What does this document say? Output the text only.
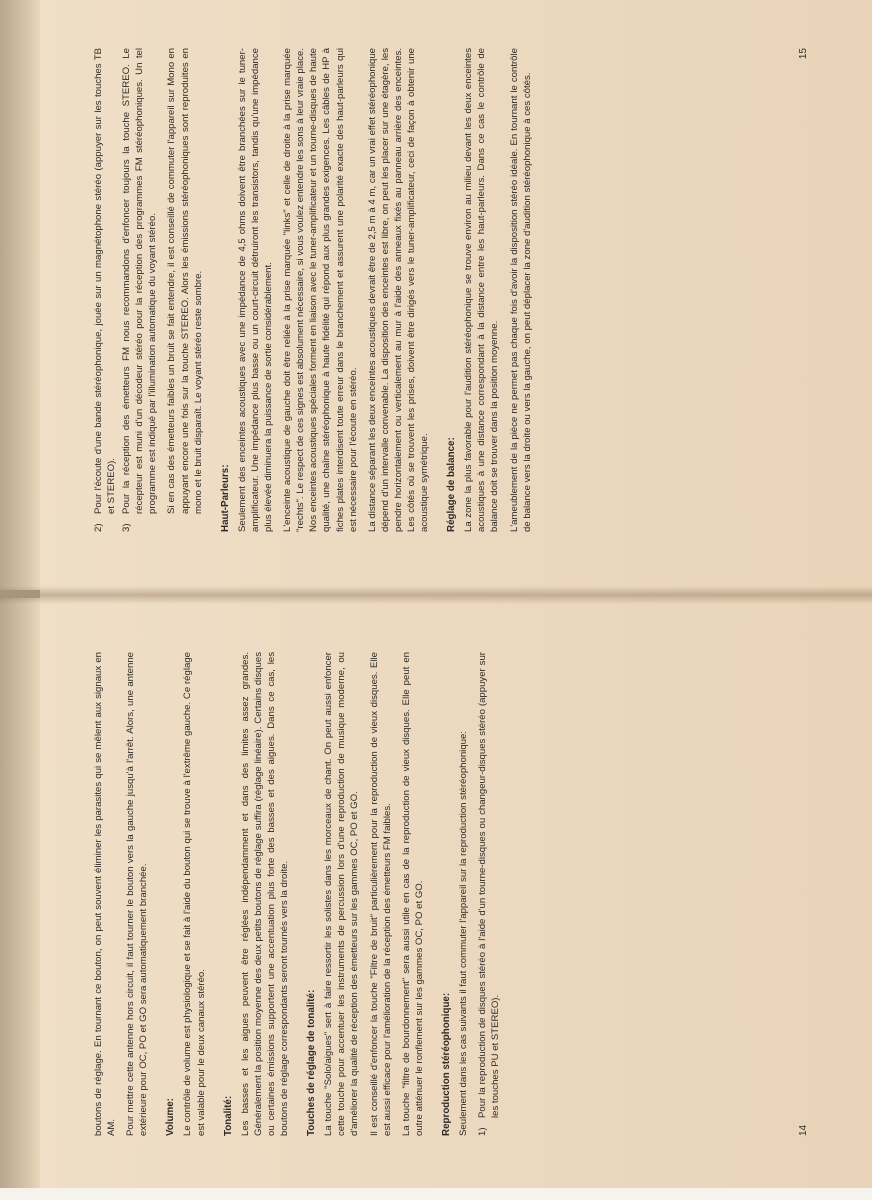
boutons de réglage. En tournant ce bouton, on peut souvent éliminer les parasites qui se mêlent aux signaux en AM. Pour mettre cette antenne hors circuit, il faut tourner le bouton vers la gauche jusqu'à l'arrêt. Alors, une antenne extérieure pour OC, PO et GO sera automatiquement branchée. Volume: Le contrôle de volume est physiologique et se fait à l'aide du bouton qui se trouve à l'extrême gauche. Ce réglage est valable pour le deux canaux stéréo. Tonalité: Les basses et les aigues peuvent être réglées indépendamment et dans des limites assez grandes. Généralement la position moyenne des deux petits boutons de réglage suffira (réglage linéaire). Certains disques ou certaines émissions supportent une accentuation plus forte des basses et des aigues. Dans ce cas, les boutons de réglage correspondants seront tournés vers la droite. Touches de réglage de tonalité: La touche "Solo/aigues" sert à faire ressortir les solistes dans les morceaux de chant. On peut aussi enfoncer cette touche pour accentuer les instruments de percussion lors d'une reproduction de musique moderne, ou d'améliorer la qualité de réception des émetteurs sur les gammes OC, PO et GO. Il est conseillé d'enfoncer la touche "Filtre de bruit" particulièrement pour la reproduction de vieux disques. Elle est aussi efficace pour l'amélioration de la réception des émetteurs FM faibles. La touche "filtre de bourdonnement" sera aussi utile en cas de la reproduction de vieux disques. Elle peut en outre atténuer le ronflement sur les gammes OC, PO et GO. Reproduction stéréophonique: Seulement dans les cas suivants il faut commuter l'appareil sur la reproduction stéréophonique: 1)
Pour la reproduction de disques stéréo à l'aide d'un tourne-disques ou changeur-disques stéréo (appuyer sur les touches PU et STEREO).
14
2)
Pour l'écoute d'une bande stéréophonique, jouée sur un magnétophone stéréo (appuyer sur les touches TB et STEREO).
3)
Pour la réception des émetteurs FM nous recommandons d'enfoncer toujours la touche STEREO. Le récepteur est muni d'un décodeur stéréo pour la réception des programmes FM stéréophoniques. Un tel programme est indiqué par l'illumination automatique du voyant stéréo. Si en cas des émetteurs faibles un bruit se fait entendre, il est conseillé de commuter l'appareil sur Mono en appuyant encore une fois sur la touche STEREO. Alors les émissions stéréophoniques sont reproduites en mono et le bruit disparaît. Le voyant stéréo reste sombre. Haut-Parleurs: Seulement des enceintes acoustiques avec une impédance de 4,5 ohms doivent être branchées sur le tuner-amplificateur. Une impédance plus basse ou un court-circuit détruiront les transistors, tandis qu'une impédance plus élevée diminuera la puissance de sortie considérablement. L'enceinte acoustique de gauche doit être reliée à la prise marquée "links" et celle de droite à la prise marquée "rechts". Le respect de ces signes est absolument nécessaire, si vous voulez entendre les sons à leur vraie place. Nos enceintes acoustiques spéciales forment en liaison avec le tuner-amplificateur et un tourne-disques de haute qualité, une chaîne stéréophonique à haute fidélité qui répond aux plus grandes exigences. Les câbles de HP à fiches plates interdisent toute erreur dans le branchement et assurent une polarité exacte des haut-parleurs qui est nécessaire pour l'écoute en stéréo. La distance séparant les deux enceintes acoustiques devrait être de 2,5 m à 4 m, car un vrai effet stéréophonique dépend d'un intervalle convenable. La disposition des enceintes est libre, on peut les placer sur une étagère, les pendre horizontalement ou verticalement au mur à l'aide des anneaux fixés au panneau arrière des enceintes. Les côtés où se trouvent les prises, doivent être dirigés vers le tuner-amplificateur, ceci de façon à obtenir une acoustique symétrique. Réglage de balance: La zone la plus favorable pour l'audition stéréophonique se trouve environ au milieu devant les deux enceintes acoustiques à une distance correspondant à la distance entre les haut-parleurs. Dans ce cas le contrôle de balance doit se trouver dans la position moyenne. L'ameublement de la pièce ne permet pas chaque fois d'avoir la disposition stéréo idéale. En tournant le contrôle de balance vers la droite ou vers la gauche, on peut déplacer la zone d'audition stéréophonique à ces côtés.

15
